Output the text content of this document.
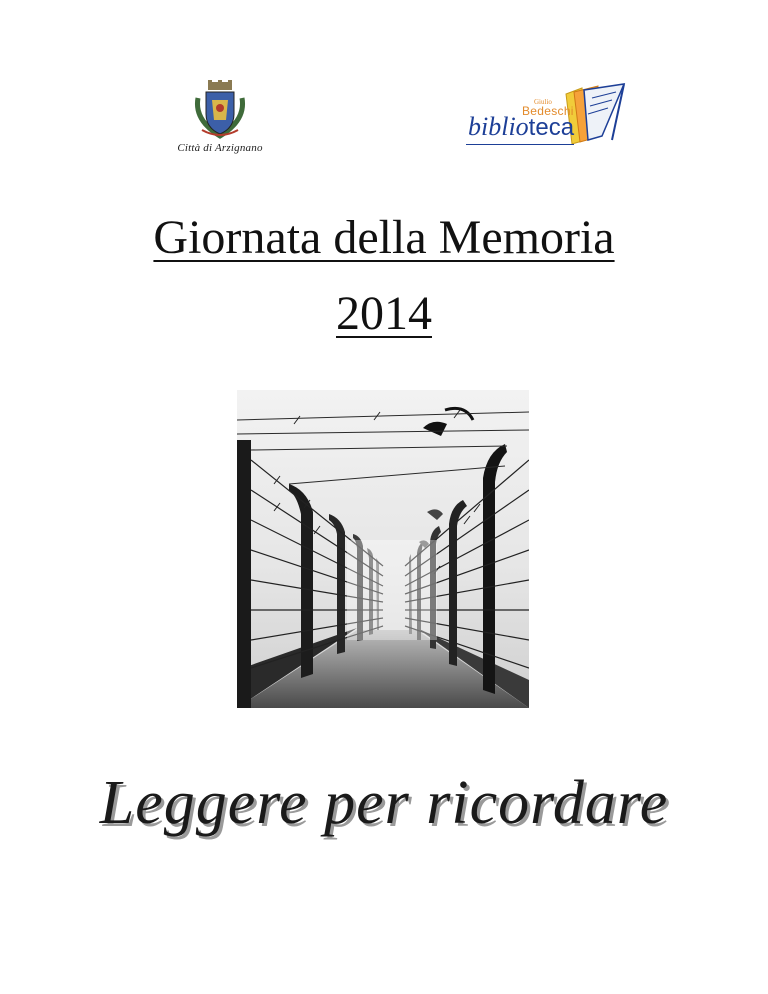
Città di Arzignano
Giulio
Bedeschi
biblioteca
Giornata della Memoria
2014
Leggere per ricordare
